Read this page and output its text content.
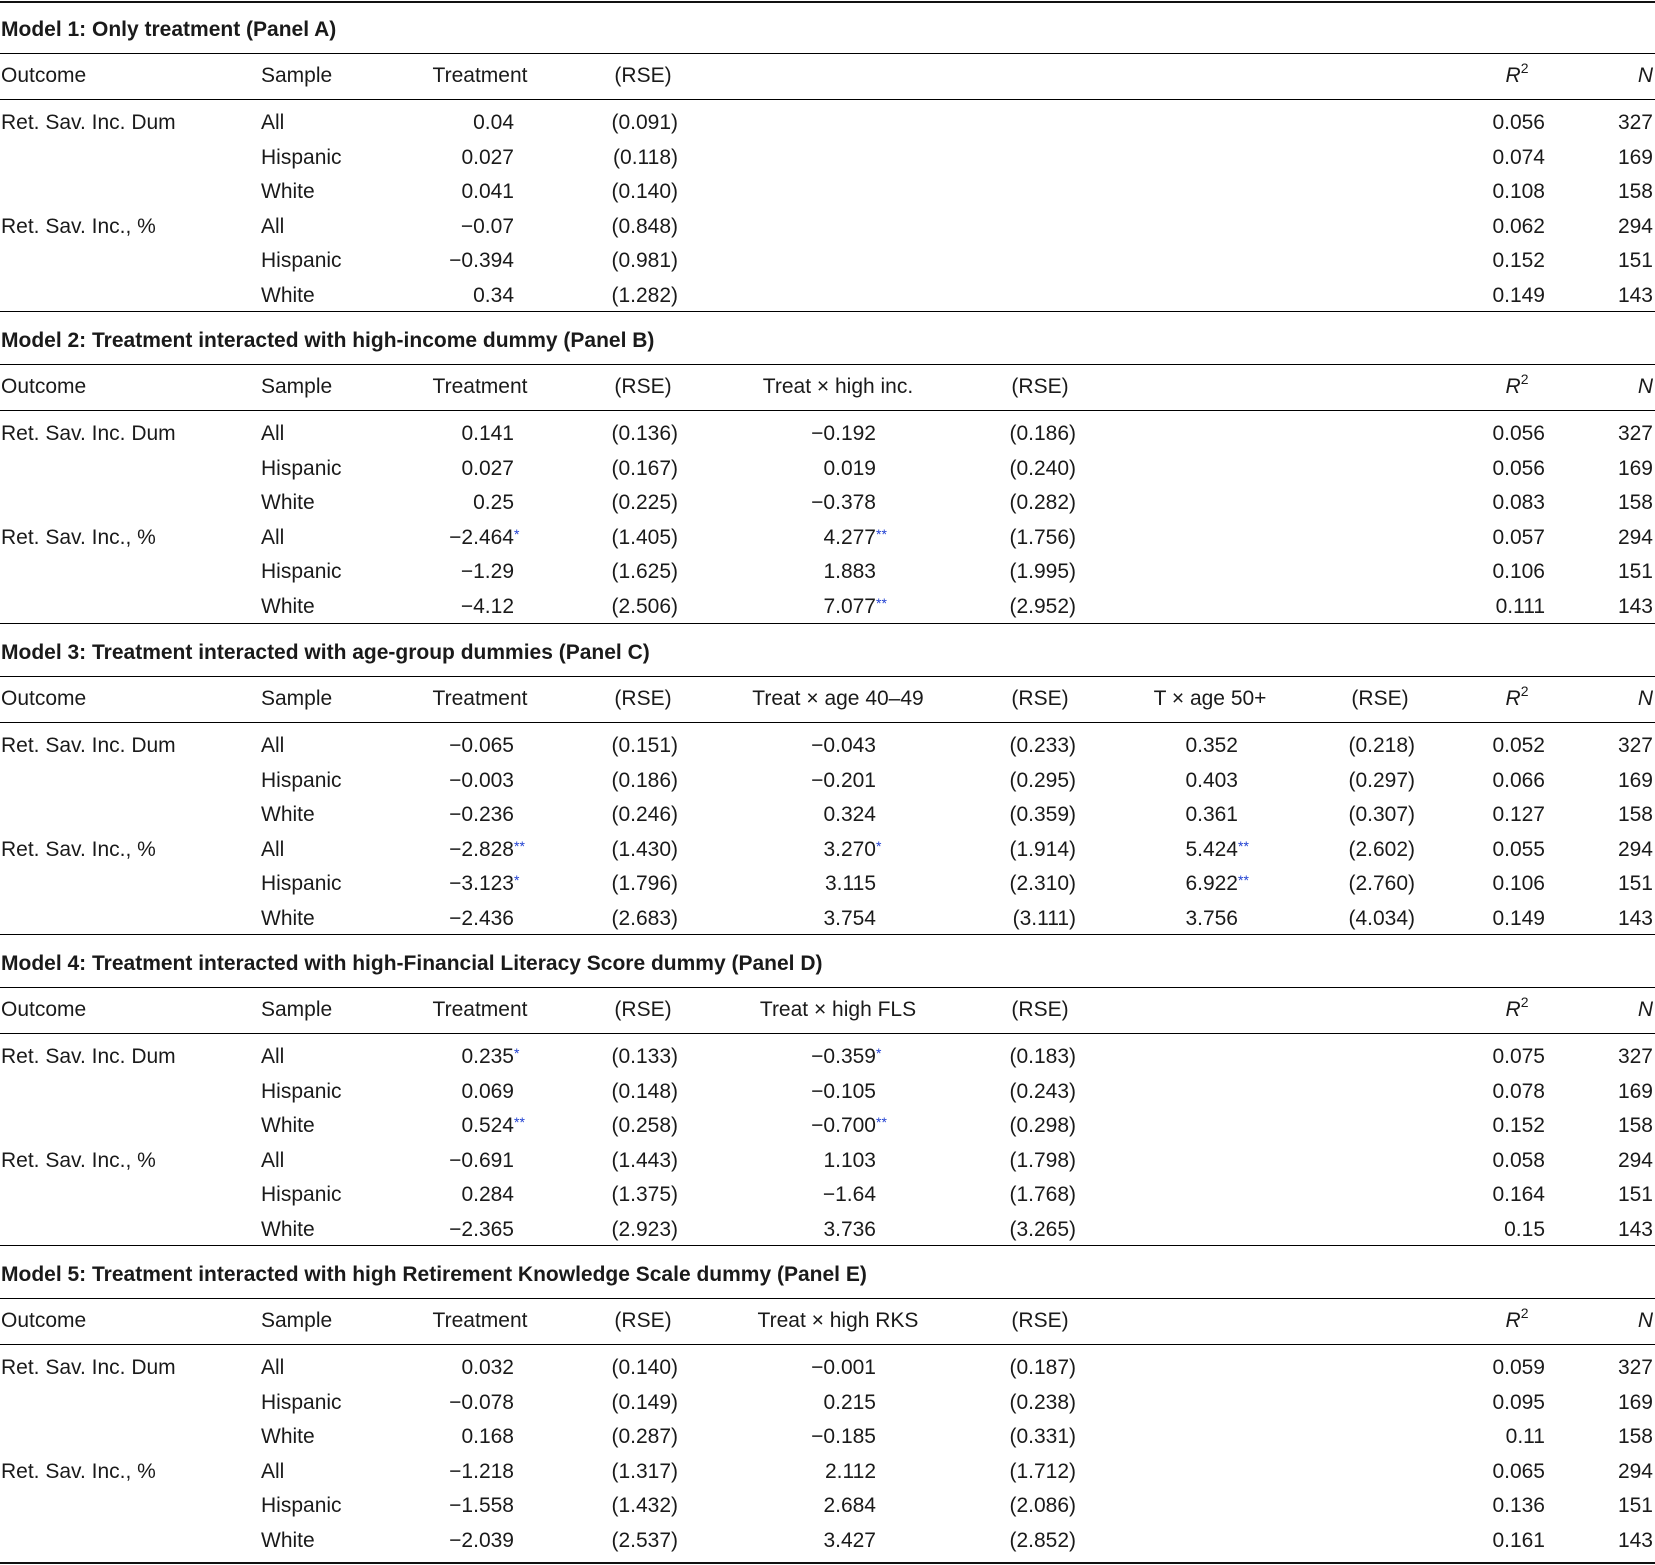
Model 1: Only treatment (Panel A)
Outcome	Sample	Treatment	(RSE)	$R^2$	N
Ret. Sav. Inc. Dum	All	0.04	(0.091)	0.056	327
Hispanic	0.027	(0.118)	0.074	169
White	0.041	(0.140)	0.108	158
Ret. Sav. Inc., %	All	−0.07	(0.848)	0.062	294
Hispanic	−0.394	(0.981)	0.152	151
White	0.34	(1.282)	0.149	143
Model 2: Treatment interacted with high-income dummy (Panel B)
Outcome	Sample	Treatment	(RSE)	Treat × high inc.	(RSE)	$R^2$	N
Ret. Sav. Inc. Dum	All	0.141	(0.136)	−0.192	(0.186)	0.056	327
Hispanic	0.027	(0.167)	0.019	(0.240)	0.056	169
White	0.25	(0.225)	−0.378	(0.282)	0.083	158
Ret. Sav. Inc., %	All	−2.464 *	(1.405)	4.277 **	(1.756)	0.057	294
Hispanic	−1.29	(1.625)	1.883	(1.995)	0.106	151
White	−4.12	(2.506)	7.077 **	(2.952)	0.111	143
Model 3: Treatment interacted with age-group dummies (Panel C)
Outcome	Sample	Treatment	(RSE)	Treat × age 40–49	(RSE)	T × age 50+	(RSE)	$R^2$	N
Ret. Sav. Inc. Dum	All	−0.065	(0.151)	−0.043	(0.233)	0.352	(0.218)	0.052	327
Hispanic	−0.003	(0.186)	−0.201	(0.295)	0.403	(0.297)	0.066	169
White	−0.236	(0.246)	0.324	(0.359)	0.361	(0.307)	0.127	158
Ret. Sav. Inc., %	All	−2.828 **	(1.430)	3.270 *	(1.914)	5.424 **	(2.602)	0.055	294
Hispanic	−3.123 *	(1.796)	3.115	(2.310)	6.922 **	(2.760)	0.106	151
White	−2.436	(2.683)	3.754	(3.111)	3.756	(4.034)	0.149	143
Model 4: Treatment interacted with high-Financial Literacy Score dummy (Panel D)
Outcome	Sample	Treatment	(RSE)	Treat × high FLS	(RSE)	$R^2$	N
Ret. Sav. Inc. Dum	All	0.235 *	(0.133)	−0.359 *	(0.183)	0.075	327
Hispanic	0.069	(0.148)	−0.105	(0.243)	0.078	169
White	0.524 **	(0.258)	−0.700 **	(0.298)	0.152	158
Ret. Sav. Inc., %	All	−0.691	(1.443)	1.103	(1.798)	0.058	294
Hispanic	0.284	(1.375)	−1.64	(1.768)	0.164	151
White	−2.365	(2.923)	3.736	(3.265)	0.15	143
Model 5: Treatment interacted with high Retirement Knowledge Scale dummy (Panel E)
Outcome	Sample	Treatment	(RSE)	Treat × high RKS	(RSE)	$R^2$	N
Ret. Sav. Inc. Dum	All	0.032	(0.140)	−0.001	(0.187)	0.059	327
Hispanic	−0.078	(0.149)	0.215	(0.238)	0.095	169
White	0.168	(0.287)	−0.185	(0.331)	0.11	158
Ret. Sav. Inc., %	All	−1.218	(1.317)	2.112	(1.712)	0.065	294
Hispanic	−1.558	(1.432)	2.684	(2.086)	0.136	151
White	−2.039	(2.537)	3.427	(2.852)	0.161	143
